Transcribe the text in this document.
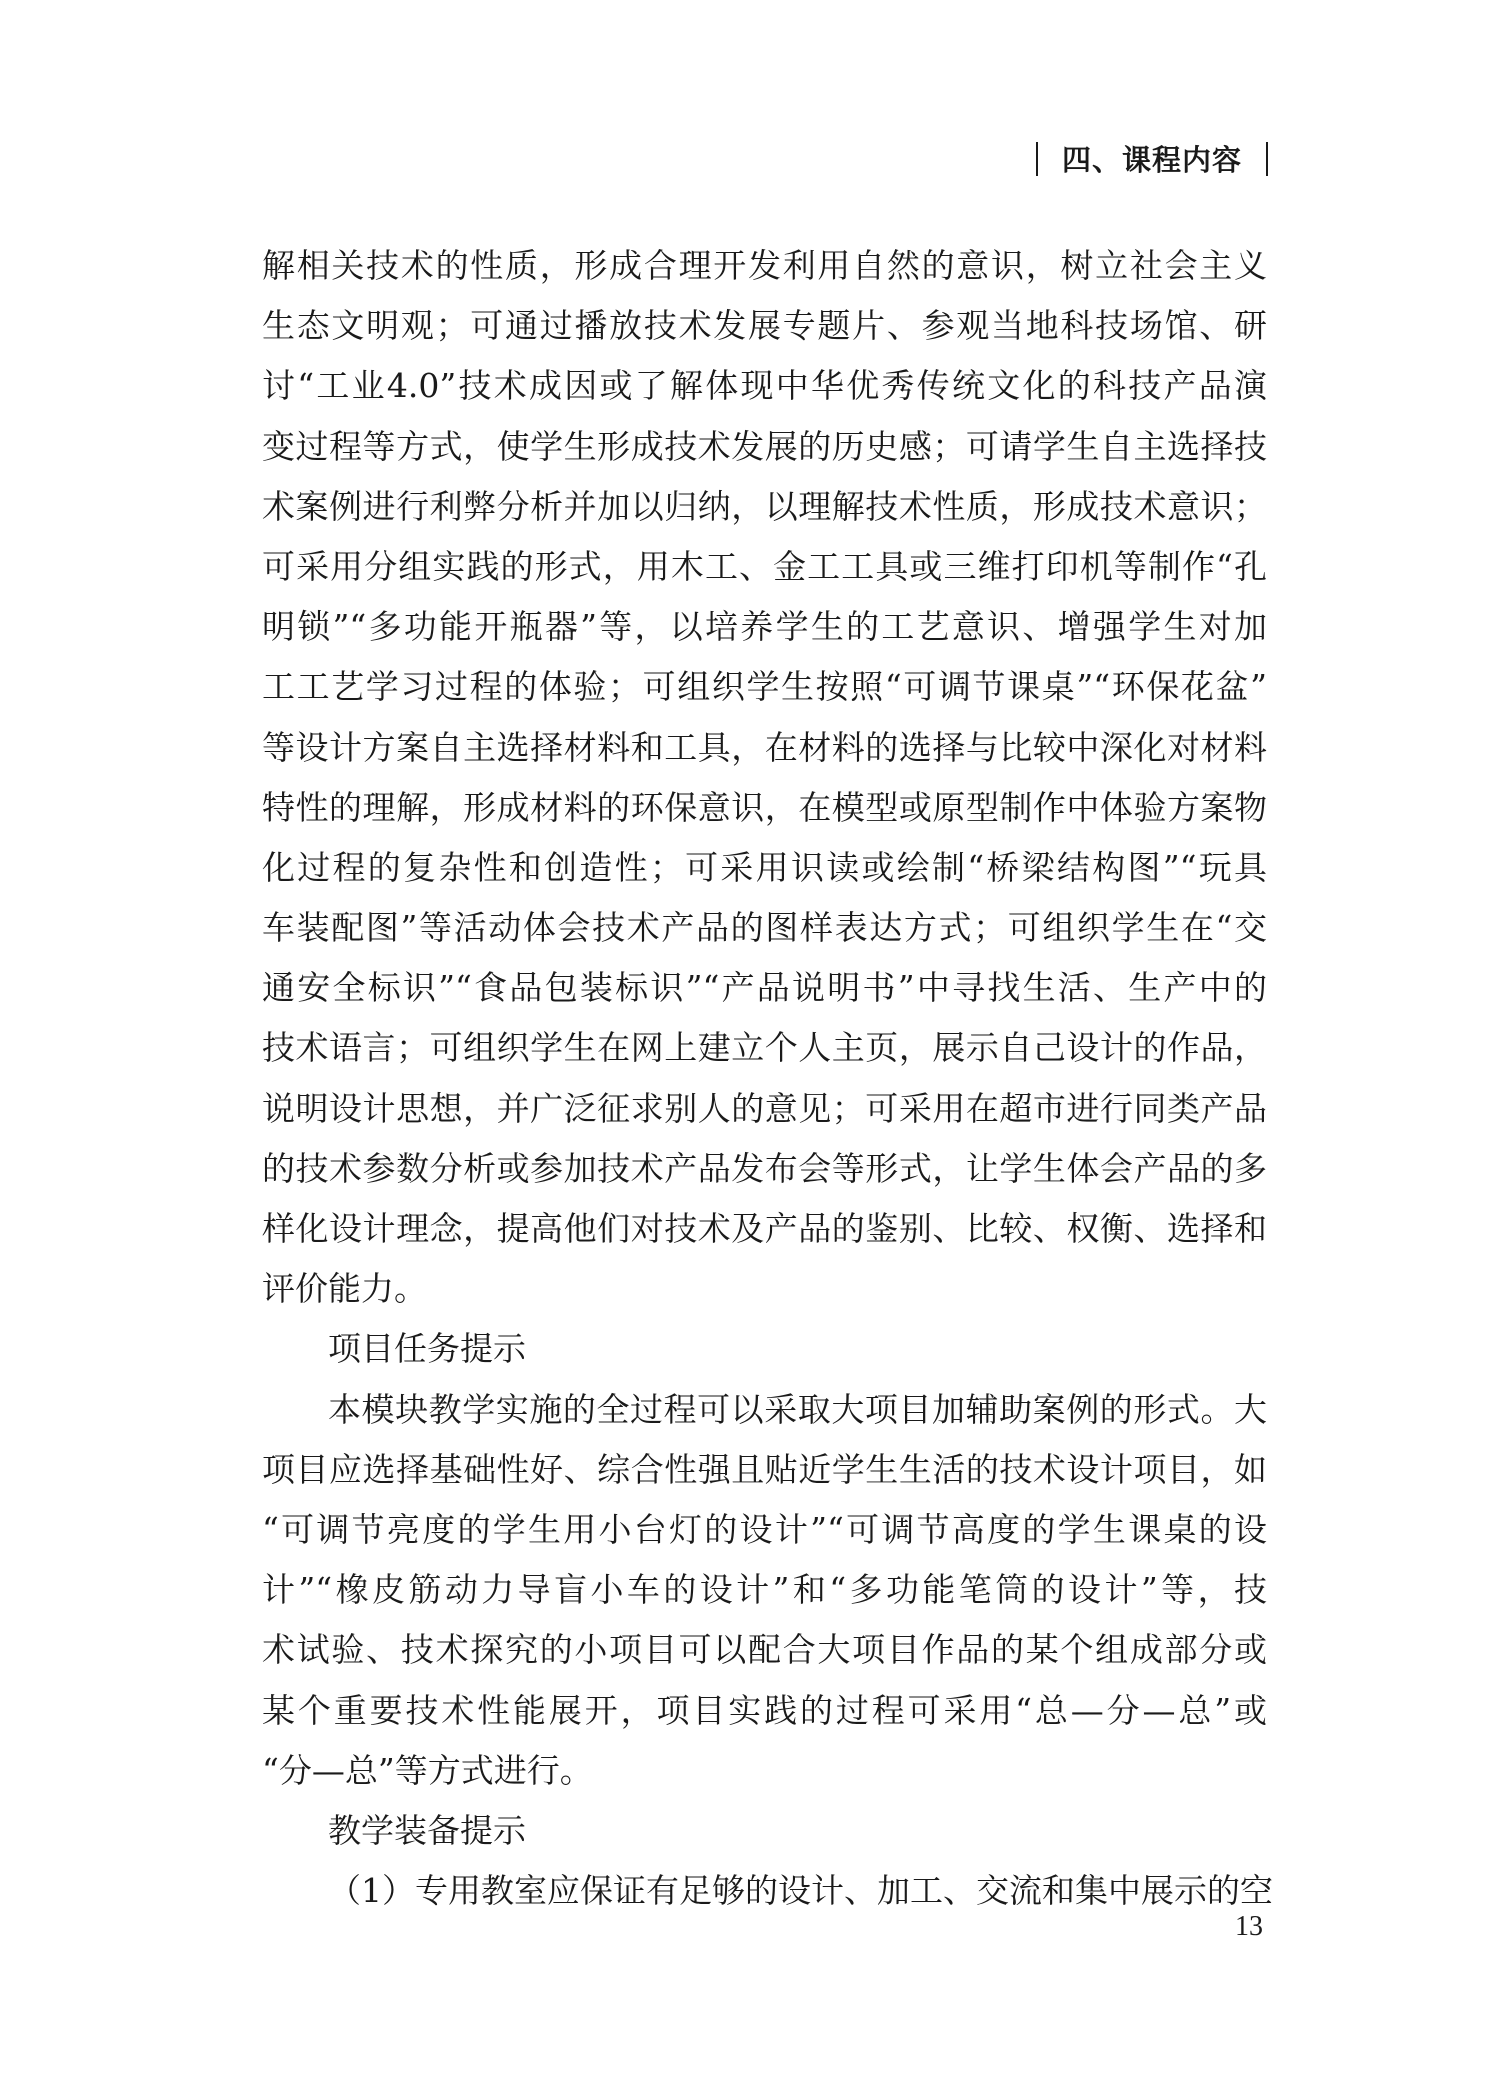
四、课程内容
解相关技术的性质，形成合理开发利用自然的意识，树立社会主义
生态文明观；可通过播放技术发展专题片、参观当地科技场馆、研
讨“工业4.0”技术成因或了解体现中华优秀传统文化的科技产品演
变过程等方式，使学生形成技术发展的历史感；可请学生自主选择技
术案例进行利弊分析并加以归纳，以理解技术性质，形成技术意识；
可采用分组实践的形式，用木工、金工工具或三维打印机等制作“孔
明锁”“多功能开瓶器”等，以培养学生的工艺意识、增强学生对加
工工艺学习过程的体验；可组织学生按照“可调节课桌”“环保花盆”
等设计方案自主选择材料和工具，在材料的选择与比较中深化对材料
特性的理解，形成材料的环保意识，在模型或原型制作中体验方案物
化过程的复杂性和创造性；可采用识读或绘制“桥梁结构图”“玩具
车装配图”等活动体会技术产品的图样表达方式；可组织学生在“交
通安全标识”“食品包装标识”“产品说明书”中寻找生活、生产中的
技术语言；可组织学生在网上建立个人主页，展示自己设计的作品，
说明设计思想，并广泛征求别人的意见；可采用在超市进行同类产品
的技术参数分析或参加技术产品发布会等形式，让学生体会产品的多
样化设计理念，提高他们对技术及产品的鉴别、比较、权衡、选择和
评价能力。
项目任务提示
本模块教学实施的全过程可以采取大项目加辅助案例的形式。大
项目应选择基础性好、综合性强且贴近学生生活的技术设计项目，如
“可调节亮度的学生用小台灯的设计”“可调节高度的学生课桌的设
计”“橡皮筋动力导盲小车的设计”和“多功能笔筒的设计”等，技
术试验、技术探究的小项目可以配合大项目作品的某个组成部分或
某个重要技术性能展开，项目实践的过程可采用“总—分—总”或
“分—总”等方式进行。
教学装备提示
（1）专用教室应保证有足够的设计、加工、交流和集中展示的空
13
